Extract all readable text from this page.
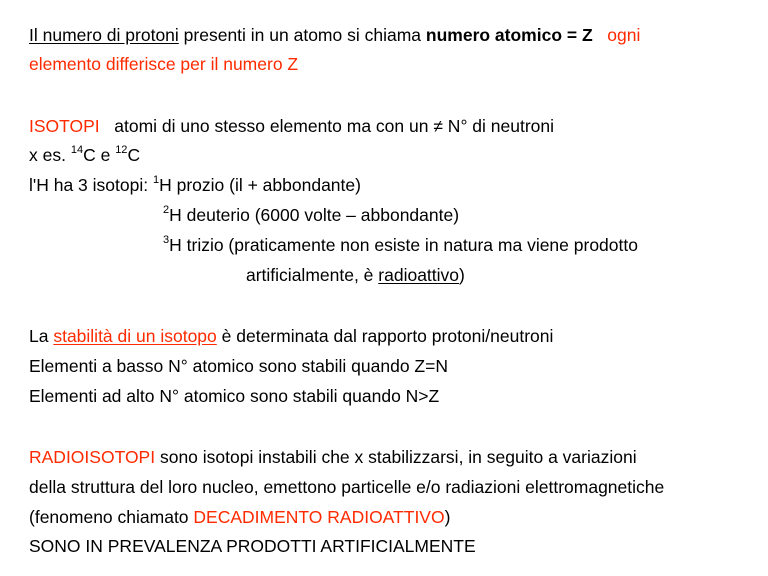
Il numero di protoni presenti in un atomo si chiama numero atomico = Z ogni
elemento differisce per il numero Z
ISOTOPI atomi di uno stesso elemento ma con un ≠ N° di neutroni
x es. $^{14}$C e $^{12}$C
l'H ha 3 isotopi: $^1$H prozio (il + abbondante)
$^2$H deuterio (6000 volte – abbondante)
$^3$H trizio (praticamente non esiste in natura ma viene prodotto
artificialmente, è radioattivo)
La stabilità di un isotopo è determinata dal rapporto protoni/neutroni
Elementi a basso N° atomico sono stabili quando Z=N
Elementi ad alto N° atomico sono stabili quando N>Z
RADIOISOTOPI sono isotopi instabili che x stabilizzarsi, in seguito a variazioni
della struttura del loro nucleo, emettono particelle e/o radiazioni elettromagnetiche
(fenomeno chiamato DECADIMENTO RADIOATTIVO)
SONO IN PREVALENZA PRODOTTI ARTIFICIALMENTE
